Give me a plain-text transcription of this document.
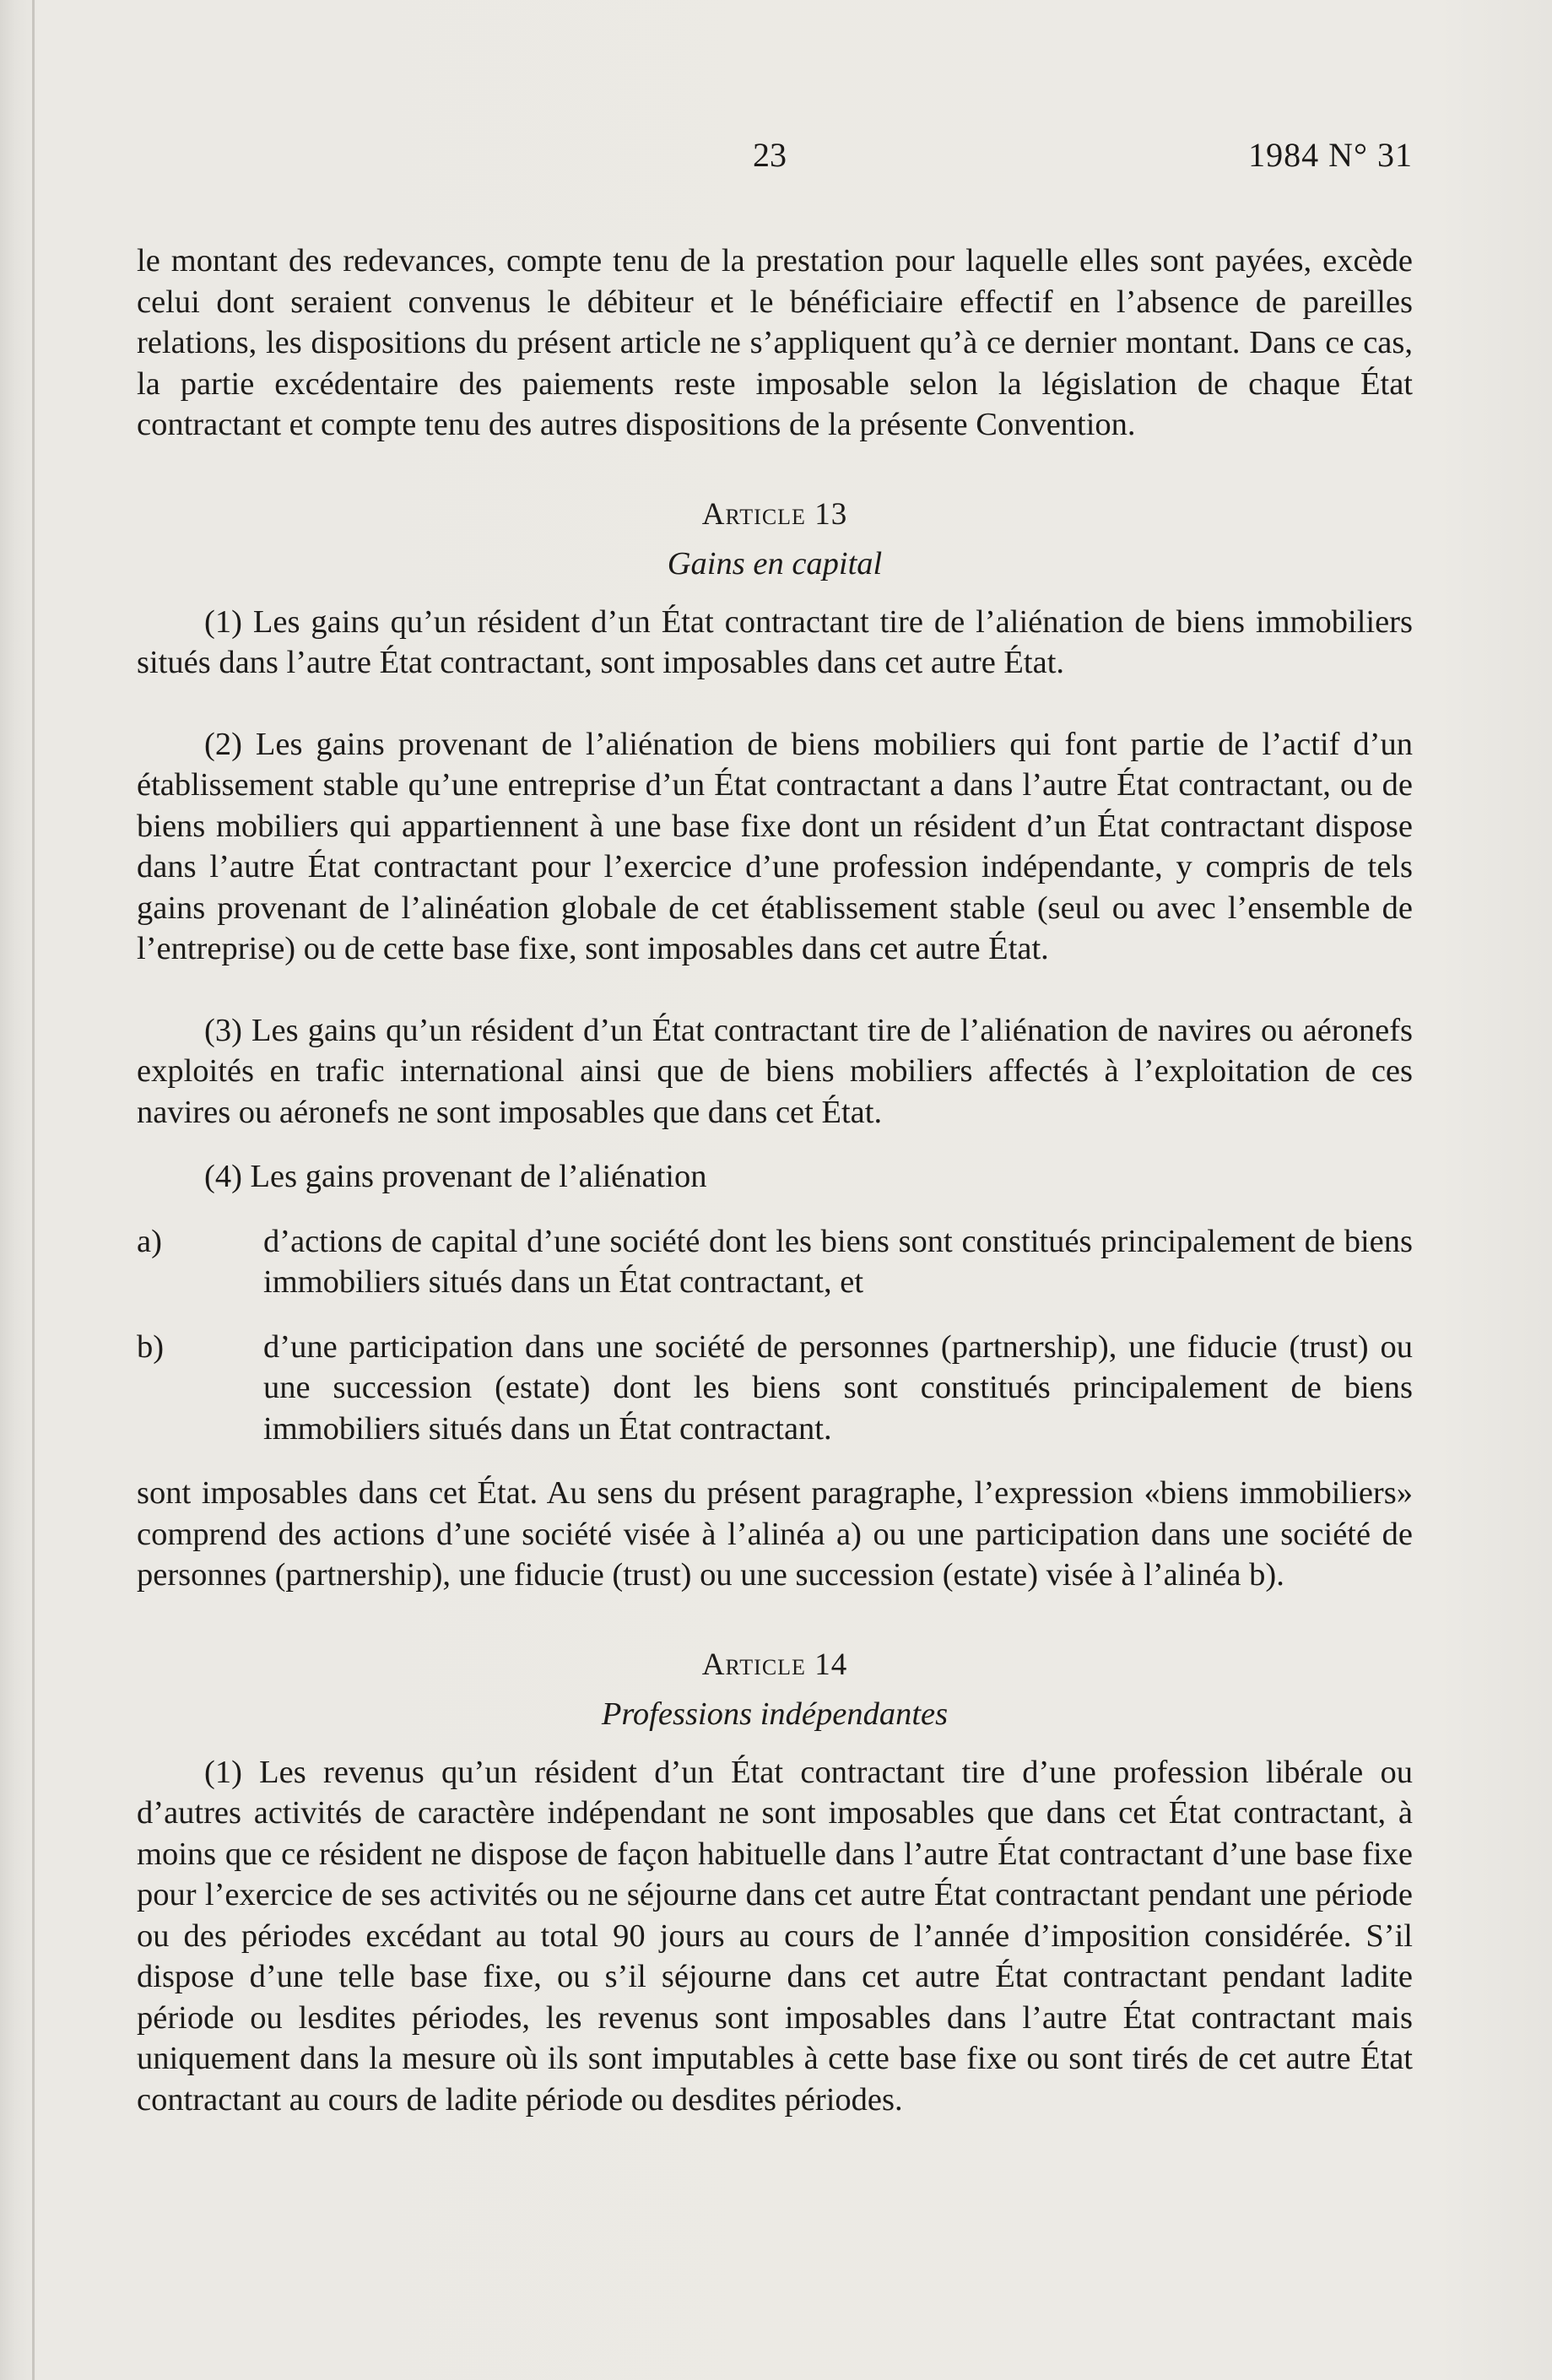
23	1984 N° 31

le montant des redevances, compte tenu de la prestation pour laquelle elles sont payées, excède celui dont seraient convenus le débiteur et le bénéficiaire effectif en l’absence de pareilles relations, les dispositions du présent article ne s’appliquent qu’à ce dernier montant. Dans ce cas, la partie excédentaire des paiements reste imposable selon la législation de chaque État contractant et compte tenu des autres dispositions de la présente Convention.

Article 13
Gains en capital

(1) Les gains qu’un résident d’un État contractant tire de l’aliénation de biens immobiliers situés dans l’autre État contractant, sont imposables dans cet autre État.

(2) Les gains provenant de l’aliénation de biens mobiliers qui font partie de l’actif d’un établissement stable qu’une entreprise d’un État contractant a dans l’autre État contractant, ou de biens mobiliers qui appartiennent à une base fixe dont un résident d’un État contractant dispose dans l’autre État contractant pour l’exercice d’une profession indépendante, y compris de tels gains provenant de l’alinéation globale de cet établissement stable (seul ou avec l’ensemble de l’entreprise) ou de cette base fixe, sont imposables dans cet autre État.

(3) Les gains qu’un résident d’un État contractant tire de l’aliénation de navires ou aéronefs exploités en trafic international ainsi que de biens mobiliers affectés à l’exploitation de ces navires ou aéronefs ne sont imposables que dans cet État.

(4) Les gains provenant de l’aliénation

a)	d’actions de capital d’une société dont les biens sont constitués principalement de biens immobiliers situés dans un État contractant, et
b)	d’une participation dans une société de personnes (partnership), une fiducie (trust) ou une succession (estate) dont les biens sont constitués principalement de biens immobiliers situés dans un État contractant.

sont imposables dans cet État. Au sens du présent paragraphe, l’expression «biens immobiliers» comprend des actions d’une société visée à l’alinéa a) ou une participation dans une société de personnes (partnership), une fiducie (trust) ou une succession (estate) visée à l’alinéa b).

Article 14
Professions indépendantes

(1) Les revenus qu’un résident d’un État contractant tire d’une profession libérale ou d’autres activités de caractère indépendant ne sont imposables que dans cet État contractant, à moins que ce résident ne dispose de façon habituelle dans l’autre État contractant d’une base fixe pour l’exercice de ses activités ou ne séjourne dans cet autre État contractant pendant une période ou des périodes excédant au total 90 jours au cours de l’année d’imposition considérée. S’il dispose d’une telle base fixe, ou s’il séjourne dans cet autre État contractant pendant ladite période ou lesdites périodes, les revenus sont imposables dans l’autre État contractant mais uniquement dans la mesure où ils sont imputables à cette base fixe ou sont tirés de cet autre État contractant au cours de ladite période ou desdites périodes.
